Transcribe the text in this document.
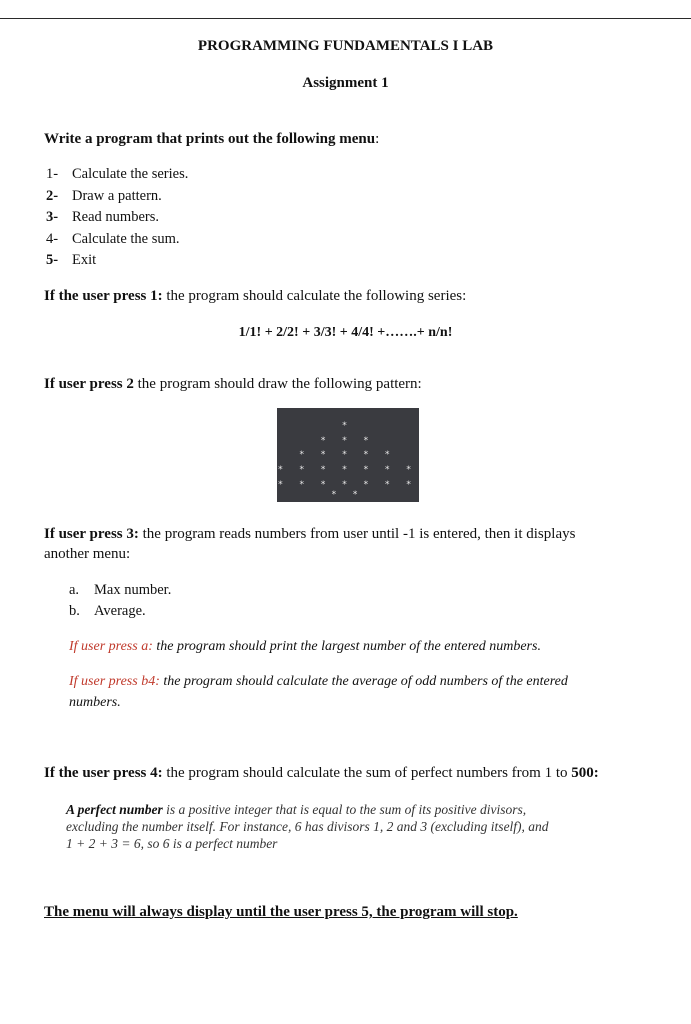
PROGRAMMING FUNDAMENTALS I LAB
Assignment 1
Write a program that prints out the following menu:
1- Calculate the series.
2- Draw a pattern.
3- Read numbers.
4- Calculate the sum.
5- Exit
If the user press 1: the program should calculate the following series:
1/1! + 2/2! + 3/3! + 4/4! +…….+ n/n!
If user press 2 the program should draw the following pattern:
*
* * *
* * * * *
* * * * * * *
* * * * * * * * *
If user press 3: the program reads numbers from user until -1 is entered, then it displays
another menu:
a. Max number.
b. Average.
If user press a: the program should print the largest number of the entered numbers.
If user press b4: the program should calculate the average of odd numbers of the entered
numbers.
If the user press 4: the program should calculate the sum of perfect numbers from 1 to 500:
A perfect number is a positive integer that is equal to the sum of its positive divisors,
excluding the number itself. For instance, 6 has divisors 1, 2 and 3 (excluding itself), and
1 + 2 + 3 = 6, so 6 is a perfect number
The menu will always display until the user press 5, the program will stop.
